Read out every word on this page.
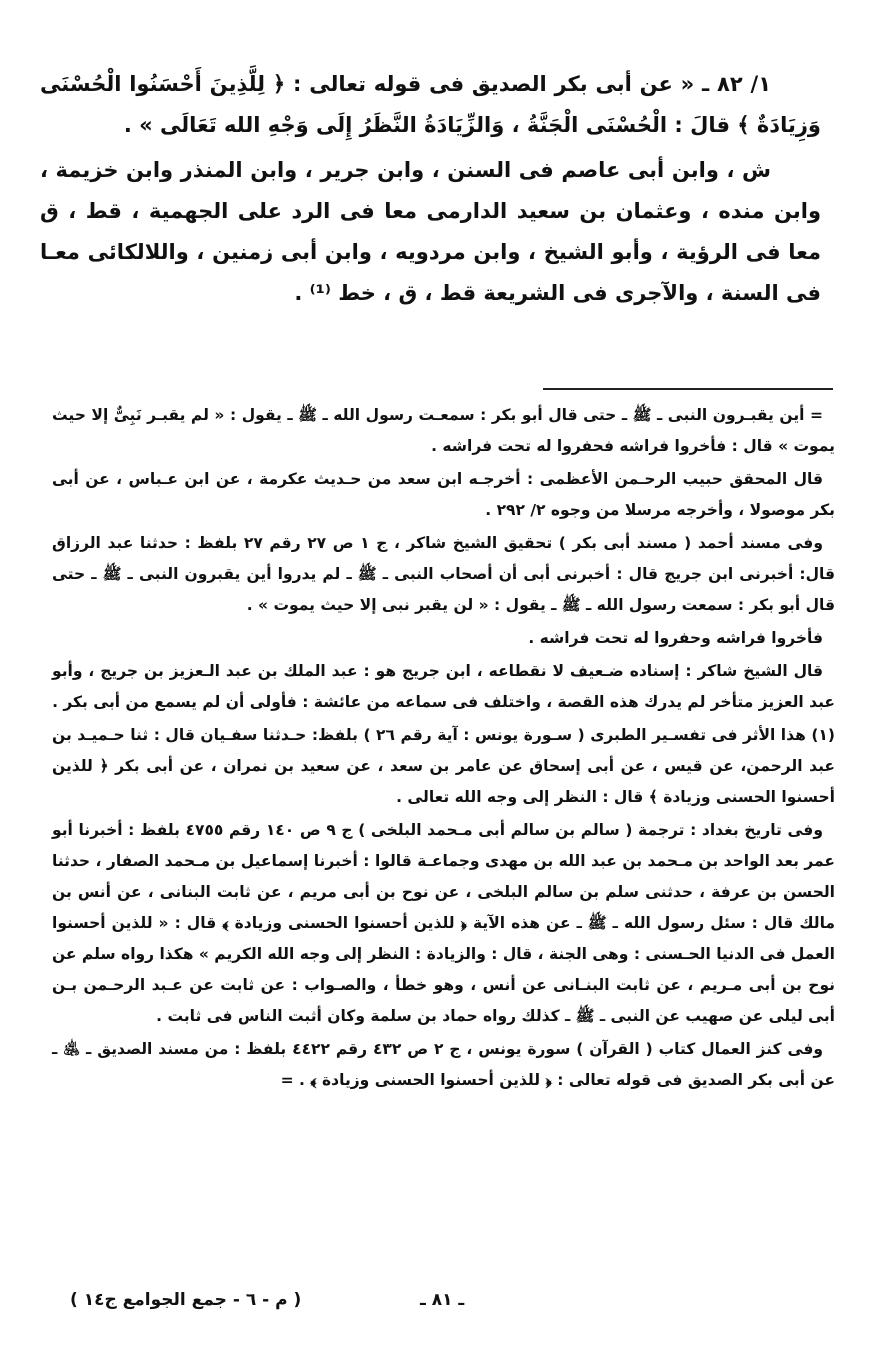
١/ ٨٢ ـ « عن أبى بكر الصديق فى قوله تعالى : ﴿ لِلَّذِينَ أَحْسَنُوا الْحُسْنَى وَزِيَادَةٌ ﴾ قالَ : الْحُسْنَى الْجَنَّةُ ، وَالزِّيَادَةُ النَّظَرُ إِلَى وَجْهِ الله تَعَالَى » .

ش ، وابن أبى عاصم فى السنن ، وابن جرير ، وابن المنذر وابن خزيمة ، وابن منده ، وعثمان بن سعيد الدارمى معا فى الرد على الجهمية ، قط ، ق معا فى الرؤية ، وأبو الشيخ ، وابن مردويه ، وابن أبى زمنين ، واللالكائى معـا فى السنة ، والآجرى فى الشريعة قط ، ق ، خط ⁽¹⁾ .

= أين يقبـرون النبى ـ ﷺ ـ حتى قال أبو بكر : سمعـت رسول الله ـ ﷺ ـ يقول : « لم يقبـر نَبِىٌّ إلا حيث يموت » قال : فأخروا فراشه فحفروا له تحت فراشه .

قال المحقق حبيب الرحـمن الأعظمى : أخرجـه ابن سعد من حـديث عكرمة ، عن ابن عـباس ، عن أبى بكر موصولا ، وأخرجه مرسلا من وجوه ٢/ ٢٩٢ .

وفى مسند أحمد ( مسند أبى بكر ) تحقيق الشيخ شاكر ، ج ١ ص ٢٧ رقم ٢٧ بلفظ : حدثنا عبد الرزاق قال: أخبرنى ابن جريج قال : أخبرنى أبى أن أصحاب النبى ـ ﷺ ـ لم يدروا أين يقبرون النبى ـ ﷺ ـ حتى قال أبو بكر : سمعت رسول الله ـ ﷺ ـ يقول : « لن يقبر نبى إلا حيث يموت » .

فأخروا فراشه وحفروا له تحت فراشه .

قال الشيخ شاكر : إسناده ضـعيف لا نقطاعه ، ابن جريج هو : عبد الملك بن عبد الـعزيز بن جريج ، وأبو عبد العزيز متأخر لم يدرك هذه القصة ، واختلف فى سماعه من عائشة : فأولى أن لم يسمع من أبى بكر .

(١) هذا الأثر فى تفسـير الطبرى ( سـورة يونس : آية رقم ٢٦ ) بلفظ: حـدثنا سفـيان قال : ثنا حـميـد بن عبد الرحمن، عن قيس ، عن أبى إسحاق عن عامر بن سعد ، عن سعيد بن نمران ، عن أبى بكر ﴿ للذين أحسنوا الحسنى وزيادة ﴾ قال : النظر إلى وجه الله تعالى .

وفى تاريخ بغداد : ترجمة ( سالم بن سالم أبى مـحمد البلخى ) ج ٩ ص ١٤٠ رقم ٤٧٥٥ بلفظ : أخبرنا أبو عمر بعد الواحد بن مـحمد بن عبد الله بن مهدى وجماعـة قالوا : أخبرنا إسماعيل بن مـحمد الصفار ، حدثنا الحسن بن عرفة ، حدثنى سلم بن سالم البلخى ، عن نوح بن أبى مريم ، عن ثابت البنانى ، عن أنس بن مالك قال : سئل رسول الله ـ ﷺ ـ عن هذه الآية ﴿ للذين أحسنوا الحسنى وزيادة ﴾ قال : « للذين أحسنوا العمل فى الدنيا الحـسنى : وهى الجنة ، قال : والزيادة : النظر إلى وجه الله الكريم » هكذا رواه سلم عن نوح بن أبى مـريم ، عن ثابت البنـانى عن أنس ، وهو خطأ ، والصـواب : عن ثابت عن عـبد الرحـمن بـن أبى ليلى عن صهيب عن النبى ـ ﷺ ـ كذلك رواه حماد بن سلمة وكان أثبت الناس فى ثابت .

وفى كنز العمال كتاب ( القرآن ) سورة يونس ، ج ٢ ص ٤٣٢ رقم ٤٤٢٢ بلفظ : من مسند الصديق ـ ﵁ ـ عن أبى بكر الصديق فى قوله تعالى : ﴿ للذين أحسنوا الحسنى وزيادة ﴾ . =

( م - ٦ - جمع الجوامع ج١٤ )	ـ ٨١ ـ
